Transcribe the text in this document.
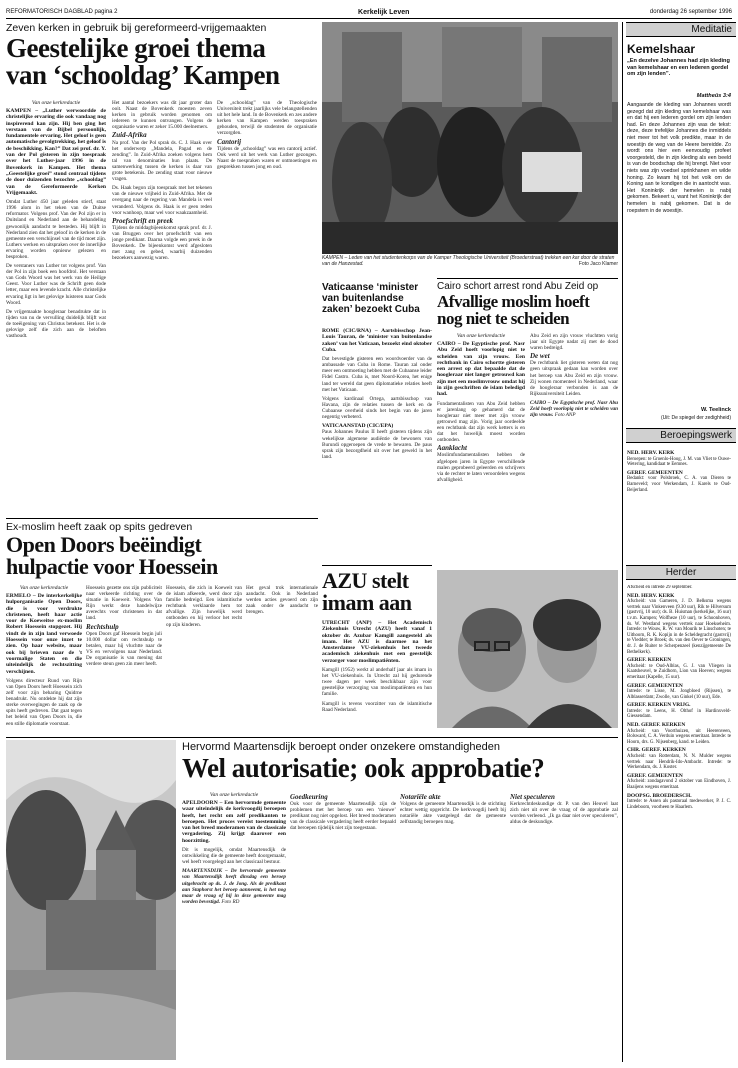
REFORMATORISCH DAGBLAD pagina 2	Kerkelijk Leven	donderdag 26 september 1996
Zeven kerken in gebruik bij gereformeerd-vrijgemaakten
Geestelijke groei thema
van ‘schooldag’ Kampen
Van onze kerkredactie
KAMPEN – „Luther werwoordde de christelijke ervaring die ook vandaag nog inspirerend kan zijn. Hij ben ging het verstaan van de Bijbel persoonlijk, fundamentele ervaring. Het geloof is geen automatische gevolgtrekking, het geloof is de beschikking. Kan?” Dat zei prof. dr. Y. van der Pol gisteren in zijn toespraak over het Luther-jaar 1996 in de Bovenkerk in Kampen. Het thema „Geestelijke groei” stond centraal tijdens de door duizenden bezochte „schooldag” van de Gereformeerde Kerken Vrijgemaakt.

Omdat Luther 450 jaar geleden stierf, staat 1996 alom in het teken van de Duitse reformator. Volgens prof. Van der Pol zijn er in Duitsland en Nederland aan de behandeling gewoonlijk aandacht te besteden. Hij blijft in Nederland zien dat het geloof in de kerken in de gemeente een verschijnsel van de tijd moet zijn. Luthers werken en uitspraken over de innerlijke ervaring worden opnieuw gelezen en besproken.

De verstaners van Luther tot volgens prof. Van der Pol in zijn boek een hoofdrol. Het verstaan van Gods Woord was het werk van de Heilige Geest. Voor Luther was de Schrift geen dode letter, maar een levende kracht. Alle christelijke ervaring ligt in het gelovige luisteren naar Gods Woord.

De vrijgemaakte hoogleraar benadrukte dat in tijden van nu de vervulling duidelijk blijft wat de toeëigening van Christus betekent. Het is de gelovige zelf die zich aan de beloften vasthoudt.

Het aantal bezoekers was dit jaar groter dan ooit. Naast de Bovenkerk moesten zeven kerken in gebruik worden genomen om iedereen te kunnen ontvangen. Volgens de organisatie waren er zeker 15.000 deelnemers.

Zuid-Afrika

Na prof. Van der Pol sprak ds. C. J. Haak over het onderwerp „Mandela, Pagad en de zending”. In Zuid-Afrika zoeken volgens hem tal van denominaties hun plaats. De samenwerking tussen de kerken is daar van grote betekenis. De zending staat voor nieuwe vragen.

Ds. Haak begon zijn toespraak met het tekenen van de nieuwe vrijheid in Zuid-Afrika. Met de overgang naar de regering van Mandela is veel veranderd. Volgens ds. Haak is er geen reden voor wanhoop, maar wel voor waakzaamheid.

Proefschrift en preek

Tijdens de middagbijeenkomst sprak prof. dr. J. van Bruggen over het proefschrift van een jonge predikant. Daarna volgde een preek in de Bovenkerk. De bijeenkomst werd afgesloten met zang en gebed, waarbij duizenden bezoekers aanwezig waren.

De „schooldag” van de Theologische Universiteit trekt jaarlijks vele belangstellenden uit het hele land. In de Bovenkerk en zes andere kerken van Kampen werden toespraken gehouden, terwijl de studenten de organisatie verzorgden.

Cantorij

Tijdens de „schooldag” was een cantorij actief. Ook werd uit het werk van Luther gezongen. Naast de toespraken waren er ontmoetingen en gesprekken tussen jong en oud.

KAMPEN – Leden van het studentenkorps van de Kamper Theologische Universiteit (Broederstraat) trekken een kar door de straten van de Hanzestad.	Foto Jaco Klamer
Vaticaanse ‘minister van buitenlandse zaken’ bezoekt Cuba
ROME (CIC/RNA) – Aartsbisschop Jean-Louis Tauran, de ‘minister van buitenlandse zaken’ van het Vaticaan, bezoekt eind oktober Cuba.

Dat bevestigde gisteren een woordvoerder van de ambassade van Cuba in Rome. Tauran zal onder meer een ontmoeting hebben met de Cubaanse leider Fidel Castro. Cuba is, met Noord-Korea, het enige land ter wereld dat geen diplomatieke relaties heeft met het Vaticaan.

Volgens kardinaal Ortega, aartsbisschop van Havana, zijn de relaties tussen de kerk en de Cubaanse overheid sinds het begin van de jaren negentig verbeterd.

VATICAANSTAD (CIC/EPA)

Paus Johannes Paulus II heeft gisteren tijdens zijn wekelijkse algemene audiëntie de bewoners van Burundi opgeroepen de vrede te bewaren. De paus sprak zijn bezorgdheid uit over het geweld in het land.

AZU stelt
imam aan
UTRECHT (ANP) – Het Academisch Ziekenhuis Utrecht (AZU) heeft vanaf 1 oktober dr. Azubar Kamgill aangesteld als imam. Het AZU is daarmee na het Amsterdamse VU-ziekenhuis het tweede academisch ziekenhuis met een geestelijk verzorger voor moslimpatiënten.

Kamgill (1952) werkt al anderhalf jaar als imam in het VU-ziekenhuis. In Utrecht zal hij gedurende twee dagen per week beschikbaar zijn voor geestelijke verzorging van moslimpatiënten en hun familie.

Kamgill is tevens voorzitter van de islamitische Raad Nederland.

Cairo schort arrest rond Abu Zeid op
Afvallige moslim hoeft
nog niet te scheiden
Van onze kerkredactie
CAIRO – De Egyptische prof. Nasr Abu Zeid hoeft voorlopig niet te scheiden van zijn vrouw. Een rechtbank in Cairo schortte gisteren een arrest op dat bepaalde dat de hoogleraar niet langer getrouwd kan zijn met een moslimvrouw omdat hij in zijn geschriften de islam beledigd had.

Fundamentalisten van Abu Zeid hebben er jarenlang op gehamerd dat de hoogleraar niet meer met zijn vrouw getrouwd mag zijn. Vorig jaar oordeelde een rechtbank dat zijn werk ketters is en dat het huwelijk moest worden ontbonden.

Aanklacht

Moslimfundamentalisten hebben de afgelopen jaren in Egypte verschillende malen geprobeerd geleerden en schrijvers via de rechter te laten veroordelen wegens afvalligheid.

Abu Zeid en zijn vrouw vluchtten vorig jaar uit Egypte nadat zij met de dood waren bedreigd.

De wet

De rechtbank liet gisteren weten dat nog geen uitspraak gedaan kan worden over het beroep van Abu Zeid en zijn vrouw. Zij wonen momenteel in Nederland, waar de hoogleraar verbonden is aan de Rijksuniversiteit Leiden.

CAIRO – De Egyptische prof. Nasr Abu Zeid hoeft voorlopig niet te scheiden van zijn vrouw. Foto ANP

Ex-moslim heeft zaak op spits gedreven
Open Doors beëindigt
hulpactie voor Hoessein
Van onze kerkredactie
ERMELO – De interkerkelijke hulporganisatie Open Doors, die is voor verdrukte christenen, heeft haar actie voor de Koeweitse ex-moslim Robert Hoessein stopgezet. Hij vindt de in zijn land verwoede Hoessein voor onze inzet te zien. Op haar website, maar ook bij brieven naar de 't voormalige Staten en die uiteindelijk de rechtszitting verschijnen.

Volgens directeur Ruud van Rijn van Open Doors heeft Hoessein zich zelf voor zijn beharing Quidrne benadrukt. Nu ontdekte hij dat zijn sterke overwegingen de zaak op de spits heeft gedreven. Dat gaat tegen het beleid van Open Doors in, die een stille diplomatie voorstaat.

Hoessein gezette ons zijn publiciteit naar verkeerde richting over de situatie in Koeweit. Volgens Van Rijn werkt deze handelwijze averechts voor christenen in dat land.

Rechtshulp

Open Doors gaf Hoessein begin juli 10.000 dollar om rechtshulp te betalen, maar hij vluchtte naar de VS en vervolgens naar Nederland. De organisatie is van mening dat verdere steun geen zin meer heeft.

Hoessein, die zich in Koeweit van de islam afkeerde, werd door zijn familie bedreigd. Een islamitische rechtbank verklaarde hem tot afvallige. Zijn huwelijk werd ontbonden en hij verloor het recht op zijn kinderen.

Het geval trok internationale aandacht. Ook in Nederland werden acties gevoerd om zijn zaak onder de aandacht te brengen.

Hervormd Maartensdijk beroept onder onzekere omstandigheden
Wel autorisatie; ook approbatie?
Van onze kerkredactie
APELDOORN – Een hervormde gemeente waar uiteindelijk de kerkvoogdij beroepen heeft, het recht om zelf predikanten te beroepen. Het proces vereist toestemming van het breed moderamen van de classicale vergadering. Zij krijgt daarover een hoorzitting.

Dit is mogelijk, omdat Maartensdijk de ontwikkeling die de gemeente heeft doorgemaakt, wel heeft voorgelegd aan het classicaal bestuur.

MAARTENSDIJK – De hervormde gemeente van Maartensdijk heeft dinsdag een beroep uitgebracht op ds. J. de Jong. Als de predikant aan Staphorst het beroep aanneemt, is het nog maar de vraag of hij in deze gemeente mag worden bevestigd. Foto RD

Goedkeuring

Ook voor de gemeente Maartensdijk zijn de problemen met het beroep van een ‘nieuwe’ predikant nog niet opgelost. Het breed moderamen van de classicale vergadering heeft eerder bepaald dat beroepen tijdelijk niet zijn toegestaan.

Notariële akte

Volgens de gemeente Maartensdijk is de stichting echter wettig opgericht. De kerkvoogdij heeft bij notariële akte vastgelegd dat de gemeente zelfstandig beroepen mag.

Niet speculeren

Kerkrechtdeskundige dr. P. van den Heuvel laat zich niet uit over de vraag of de approbatie zal worden verleend. „Ik ga daar niet over speculeren”, aldus de deskundige.

Meditatie
Kemelshaar
„En dezelve Johannes had zijn kleding van kemelshaar en een lederen gordel om zijn lenden”.
Mattheüs 3:4
Aangaande de kleding van Johannes wordt gezegd dat zijn kleding van kemelshaar was en dat hij een lederen gordel om zijn lenden had. En deze Johannes zijn was de tekst: deze, deze trefelijke Johannes die inmiddels niet meer tot het volk predikte, maar in de woestijn de weg van de Heere bereidde. Zo wordt ons hier een eenvoudig profeet voorgesteld, die in zijn kleding als een beeld is van de boodschap die hij brengt. Niet voor niets was zijn voedsel sprinkhanen en wilde honing. Zo kwam hij tot het volk om de Koning aan te kondigen die in aantocht was. Het Koninkrijk der hemelen is nabij gekomen. Bekeert u, want het Koninkrijk der hemelen is nabij gekomen. Dat is de roepstem in de woestijn.
W. Teelinck
(Uit: De spiegel der zedighheid)
Beroepingswerk
NED. HERV. KERK
Beroepen: te Groenlo-Hoog, J. M. van Vliet te Ouwe-Wetering, kandidaat te Eemnes.
GEREF. GEMEENTEN
Bedankt: voor Polsbroek, C. A. van Dieren te Barneveld; voor Werkendam, J. Karels te Oud-Beijerland.
Herder
Afscheid en intrede 29 september.
NED. HERV. KERK
Afscheid: van Gameren, J. D. Belksma wegens vertrek naar Vinkenveen (9.30 uur), Rik te Hilversum (gastvrij, 10 uur); ds. B. Huisman (kerkelijke, 16 uur) t.v.m. Kampen; Wolfheze (10 uur), te Schoonhoven, ds. W. Westland wegens vertrek naar Hoekseheim. Intrede: te Wouw, R. W. van Mourik te Linschoten; te Uithoorn, R. K. Kopijn in de Scheldegracht (gastvrij) te Vledder; te Broek; ds. van den Oever te Groningen, dr. J. de Ruiter te Scherpenzeel (kenzijgemeente De Bethelkerk).
GEREF. KERKEN
Afscheid: te Oud-Alblas, G. J. van Vliegen in Kaatsheuvel, te Zuidhorn, Lion van Hoeven; wegens emeritaat (Kapelle, 15 uur).
GEREF. GEMEENTEN
Intrede: te Lisse, M. Jongbloed (Rijssen), te Alblasserdam; Zwolle, van Ginkel (10 uur), Ede.
GEREF. KERKEN VRIJG.
Intrede: te Leens, H. Olthof in Hardinxveld-Giessendam.
NED. GEREF. KERKEN
Afscheid: van Voorthuizen, uit Heerenveen, Bolsward, C. A. Verduin wegens emeritaat. Intrede: te Hoorn, drs. G. Nijsenberg, kand. te Leiden.
CHR. GEREF. KERKEN
Afscheid: van Rotterdam, N. N. Mulder wegens vertrek naar Hendrik-Ido-Ambacht. Intrede: te Werkendam, ds. J. Koster.
GEREF. GEMEENTEN
Afscheid: zondagavond 2 oktober van Eindhoven, J. Baaijens wegens emeritaat.
DOOPSG. BROEDERSCH.
Intrede: te Assen als pastoraal medewerker, P. J. C. Lindeboom, voorheen te Haarlem.
